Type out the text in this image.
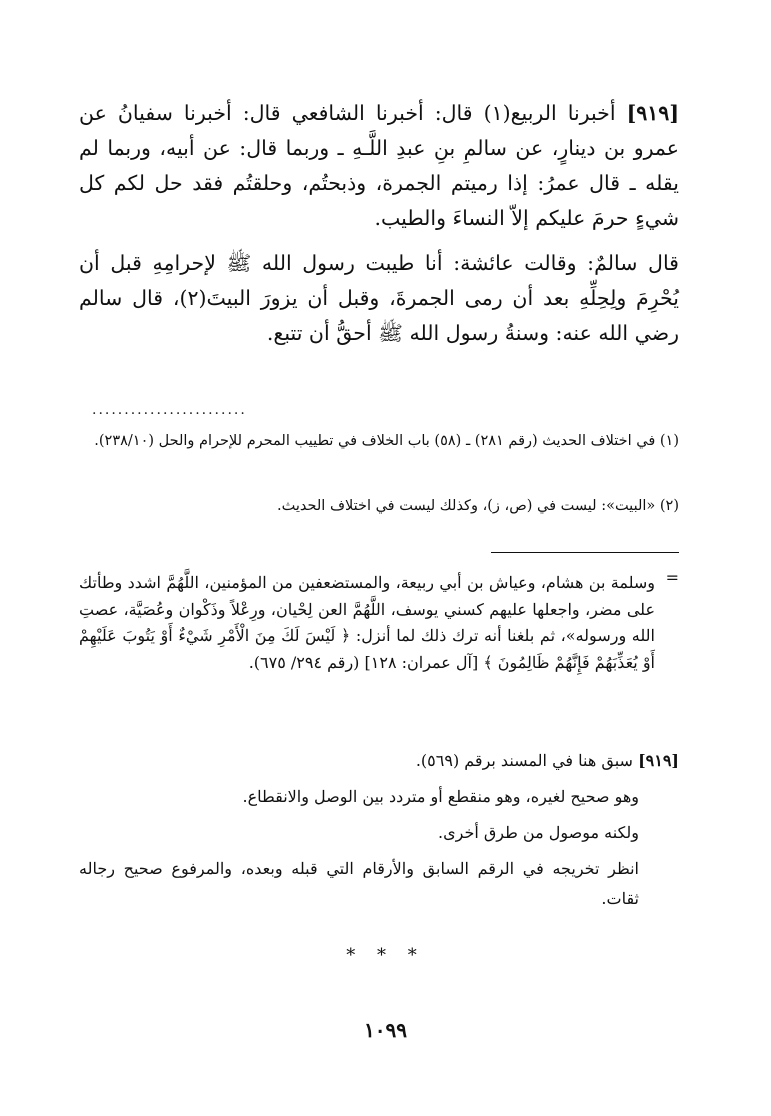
[٩١٩] أخبرنا الربيع(١) قال: أخبرنا الشافعي قال: أخبرنا سفيانُ عن عمرو بن دينارٍ، عن سالمِ بنِ عبدِ اللَّـهِ ـ وربما قال: عن أبيه، وربما لم يقله ـ قال عمرُ: إذا رميتم الجمرة، وذبحتُم، وحلقتُم فقد حل لكم كل شيءٍ حرمَ عليكم إلاّ النساءَ والطيب.

قال سالمٌ: وقالت عائشة: أنا طيبت رسول الله ﷺ لإحرامِهِ قبل أن يُحْرِمَ ولِحِلِّهِ بعد أن رمى الجمرةَ، وقبل أن يزورَ البيتَ(٢)، قال سالم رضي الله عنه: وسنةُ رسول الله ﷺ أحقُّ أن تتبع.

........................
(١) في اختلاف الحديث (رقم ٢٨١) ـ (٥٨) باب الخلاف في تطييب المحرم للإحرام والحل (٢٣٨/١٠).
(٢) «البيت»: ليست في (ص، ز)، وكذلك ليست في اختلاف الحديث.
=

وسلمة بن هشام، وعياش بن أبي ربيعة، والمستضعفين من المؤمنين، اللَّهُمَّ اشدد وطأتك على مضر، واجعلها عليهم كسني يوسف، اللَّهُمَّ العن لِحْيان، ورِعْلاً وذَكْوان وعُصَيَّة، عصتِ الله ورسوله»، ثم بلغنا أنه ترك ذلك لما أنزل: ﴿ لَيْسَ لَكَ مِنَ الْأَمْرِ شَيْءٌ أَوْ يَتُوبَ عَلَيْهِمْ أَوْ يُعَذِّبَهُمْ فَإِنَّهُمْ ظَالِمُونَ ﴾ [آل عمران: ١٢٨] (رقم ٢٩٤/ ٦٧٥).

[٩١٩] سبق هنا في المسند برقم (٥٦٩).

وهو صحيح لغيره، وهو منقطع أو متردد بين الوصل والانقطاع.

ولكنه موصول من طرق أخرى.

انظر تخريجه في الرقم السابق والأرقام التي قبله وبعده، والمرفوع صحيح رجاله ثقات.

* * *
١٠٩٩
